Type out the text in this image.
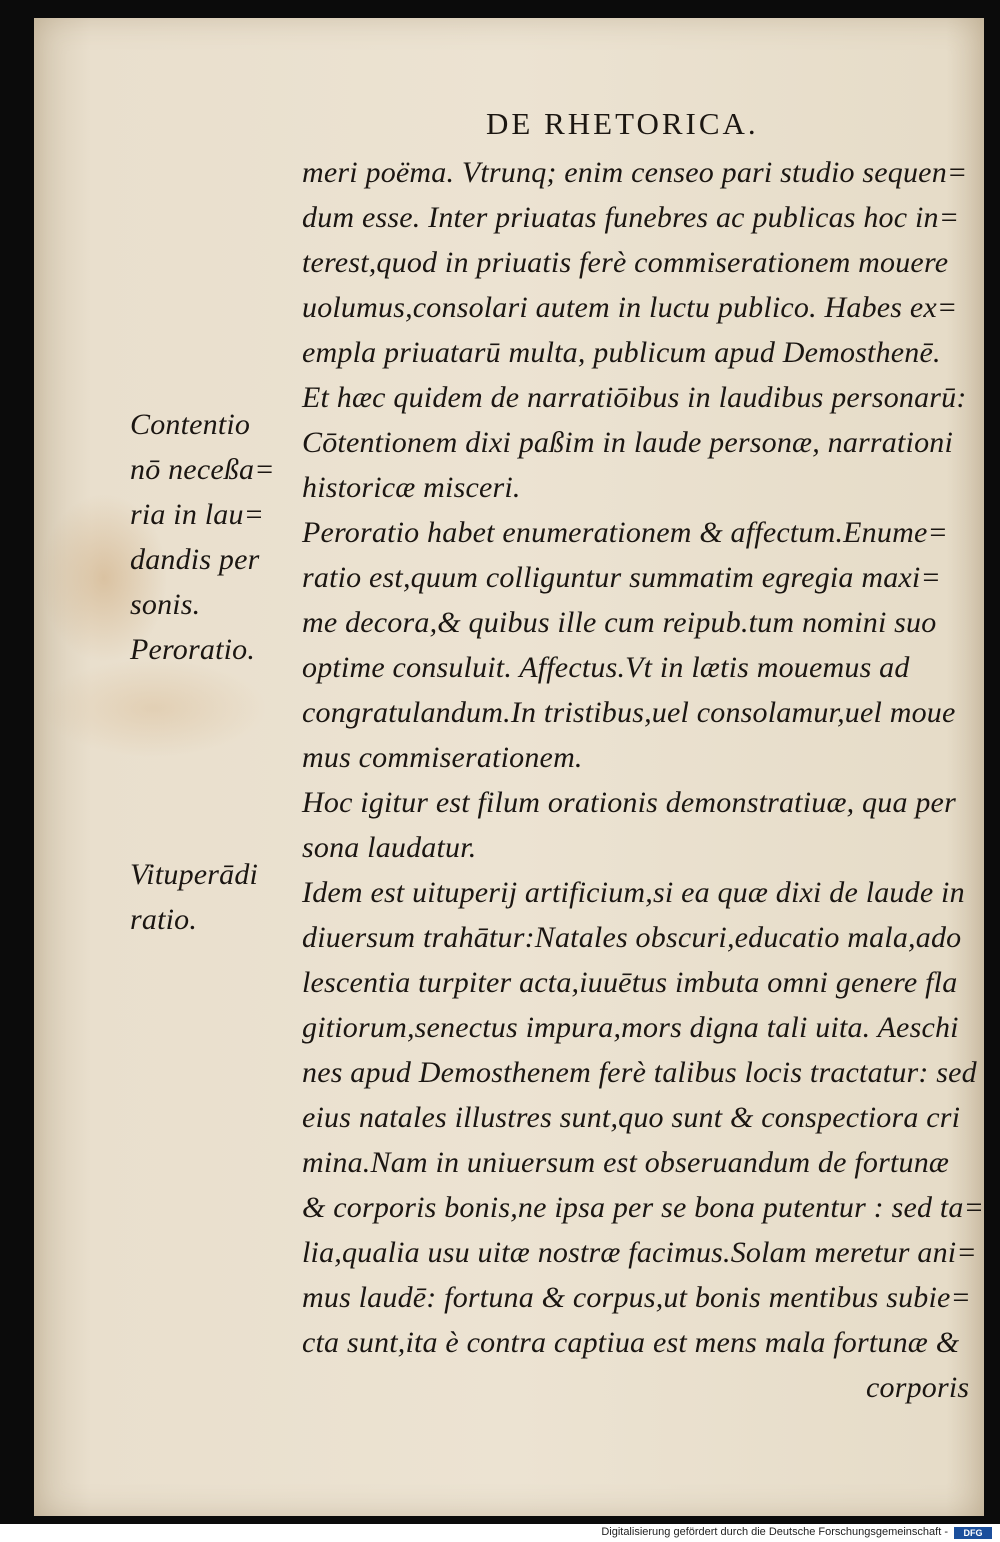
DE RHETORICA.
meri poëma. Vtrunq; enim censeo pari studio sequen=
dum esse. Inter priuatas funebres ac publicas hoc in=
terest,quod in priuatis ferè commiserationem mouere
uolumus,consolari autem in luctu publico. Habes ex=
empla priuatarū multa, publicum apud Demosthenē.
Et hæc quidem de narratiōibus in laudibus personarū:
Cōtentionem dixi paßim in laude personæ, narrationi
historicæ misceri.
Peroratio habet enumerationem & affectum.Enume=
ratio est,quum colliguntur summatim egregia maxi=
me decora,& quibus ille cum reipub.tum nomini suo
optime consuluit. Affectus.Vt in lætis mouemus ad
congratulandum.In tristibus,uel consolamur,uel moue
mus commiserationem.
Hoc igitur est filum orationis demonstratiuæ, qua per
sona laudatur.
Idem est uituperij artificium,si ea quæ dixi de laude in
diuersum trahātur:Natales obscuri,educatio mala,ado
lescentia turpiter acta,iuuētus imbuta omni genere fla
gitiorum,senectus impura,mors digna tali uita. Aeschi
nes apud Demosthenem ferè talibus locis tractatur: sed
eius natales illustres sunt,quo sunt & conspectiora cri
mina.Nam in uniuersum est obseruandum de fortunæ
& corporis bonis,ne ipsa per se bona putentur : sed ta=
lia,qualia usu uitæ nostræ facimus.Solam meretur ani=
mus laudē: fortuna & corpus,ut bonis mentibus subie=
cta sunt,ita è contra captiua est mens mala fortunæ &
corporis
Contentio
nō neceßa=
ria in lau=
dandis per
sonis.
Peroratio.
Vituperādi
ratio.
Digitalisierung gefördert durch die Deutsche Forschungsgemeinschaft -	DFG
